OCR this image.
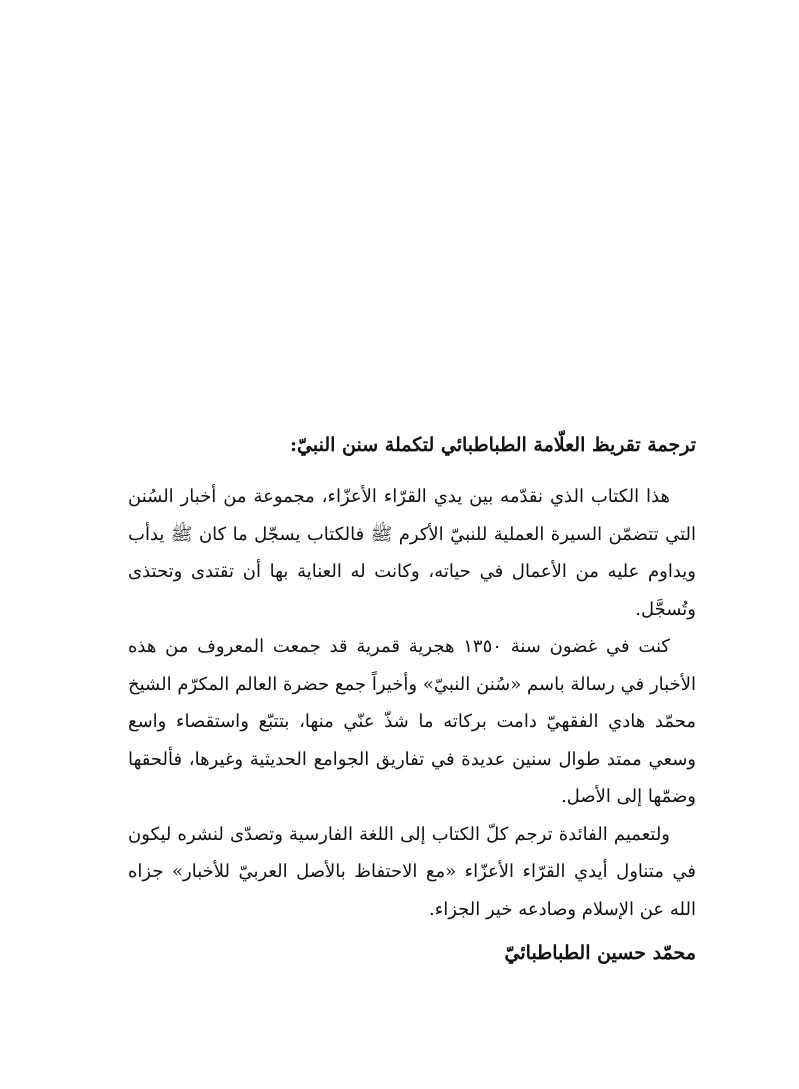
ترجمة تقريظ العلّامة الطباطبائي لتكملة سنن النبيّ:

هذا الكتاب الذي نقدّمه بين يدي القرّاء الأعزّاء، مجموعة من أخبار السُنن التي تتضمّن السيرة العملية للنبيّ الأكرم ﷺ فالكتاب يسجّل ما كان ﷺ يدأب ويداوم عليه من الأعمال في حياته، وكانت له العناية بها أن تقتدى وتحتذى وتُسجَّل.

كنت في غضون سنة ١٣٥٠ هجرية قمرية قد جمعت المعروف من هذه الأخبار في رسالة باسم «سُنن النبيّ» وأخيراً جمع حضرة العالم المكرّم الشيخ محمّد هادي الفقهيّ دامت بركاته ما شذّ عنّي منها، بتتبّع واستقصاء واسع وسعي ممتد طوال سنين عديدة في تفاريق الجوامع الحديثية وغيرها، فألحقها وضمّها إلى الأصل.

ولتعميم الفائدة ترجم كلّ الكتاب إلى اللغة الفارسية وتصدّى لنشره ليكون في متناول أيدي القرّاء الأعزّاء «مع الاحتفاظ بالأصل العربيّ للأخبار» جزاه الله عن الإسلام وصادعه خير الجزاء.

محمّد حسين الطباطبائيّ
